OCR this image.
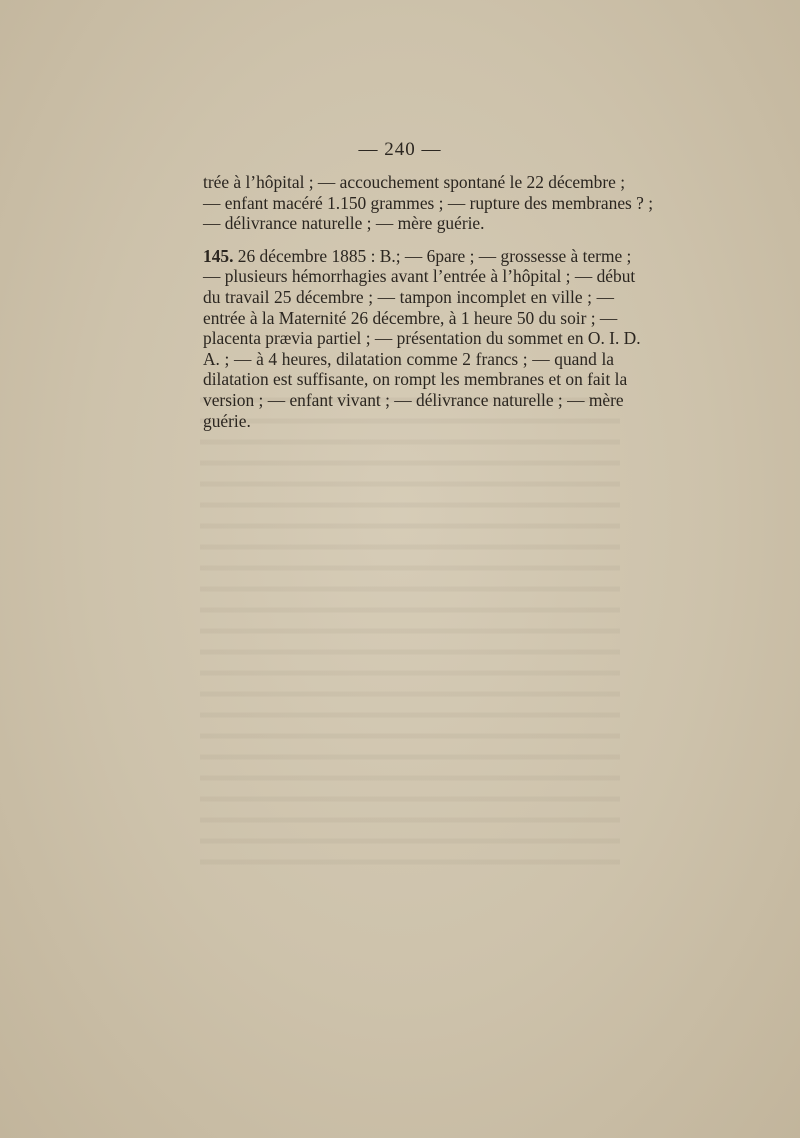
— 240 —
trée à l’hôpital ; — accouchement spontané le 22 décembre ;
— enfant macéré 1.150 grammes ; — rupture des membranes ? ;
— délivrance naturelle ; — mère guérie.
145. 26 décembre 1885 : B.; — 6pare ; — grossesse à terme ;
— plusieurs hémorrhagies avant l’entrée à l’hôpital ; — début
du travail 25 décembre ; — tampon incomplet en ville ; —
entrée à la Maternité 26 décembre, à 1 heure 50 du soir ; —
placenta prævia partiel ; — présentation du sommet en O. I. D.
A. ; — à 4 heures, dilatation comme 2 francs ; — quand la
dilatation est suffisante, on rompt les membranes et on fait la
version ; — enfant vivant ; — délivrance naturelle ; — mère
guérie.
